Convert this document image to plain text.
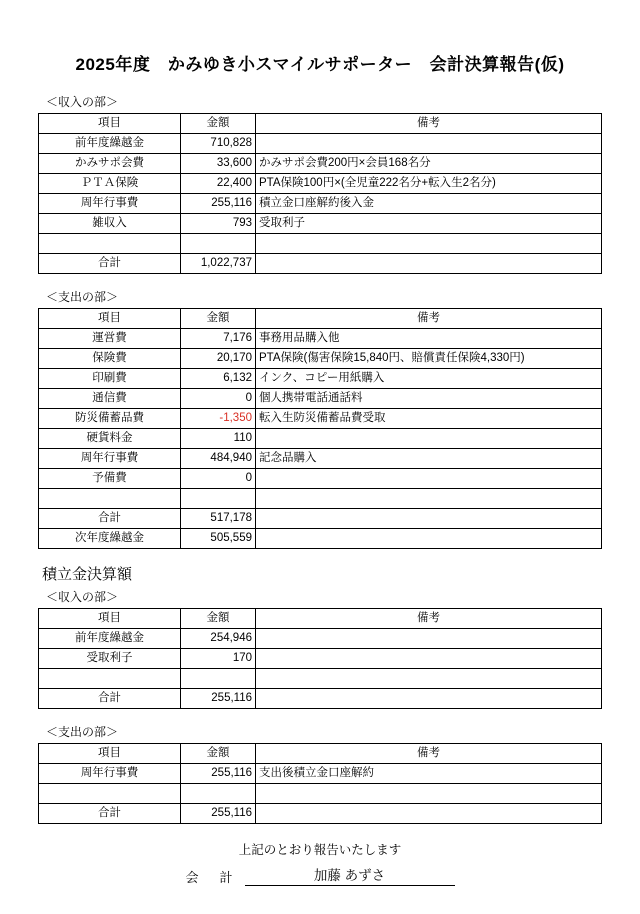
2025年度　かみゆき小スマイルサポーター　会計決算報告(仮)
＜収入の部＞
項目	金額	備考
前年度繰越金	710,828	
かみサポ会費	33,600	かみサポ会費200円×会員168名分
ＰＴＡ保険	22,400	PTA保険100円×(全児童222名分+転入生2名分)
周年行事費	255,116	積立金口座解約後入金
雑収入	793	受取利子

合計	1,022,737	
＜支出の部＞
項目	金額	備考
運営費	7,176	事務用品購入他
保険費	20,170	PTA保険(傷害保険15,840円、賠償責任保険4,330円)
印刷費	6,132	インク、コピー用紙購入
通信費	0	個人携帯電話通話料
防災備蓄品費	-1,350	転入生防災備蓄品費受取
硬貨料金	110	
周年行事費	484,940	記念品購入
予備費	0	

合計	517,178	
次年度繰越金	505,559	
積立金決算額
＜収入の部＞
項目	金額	備考
前年度繰越金	254,946	
受取利子	170	

合計	255,116	
＜支出の部＞
項目	金額	備考
周年行事費	255,116	支出後積立金口座解約

合計	255,116	
上記のとおり報告いたします
会　計	加藤 あずさ
